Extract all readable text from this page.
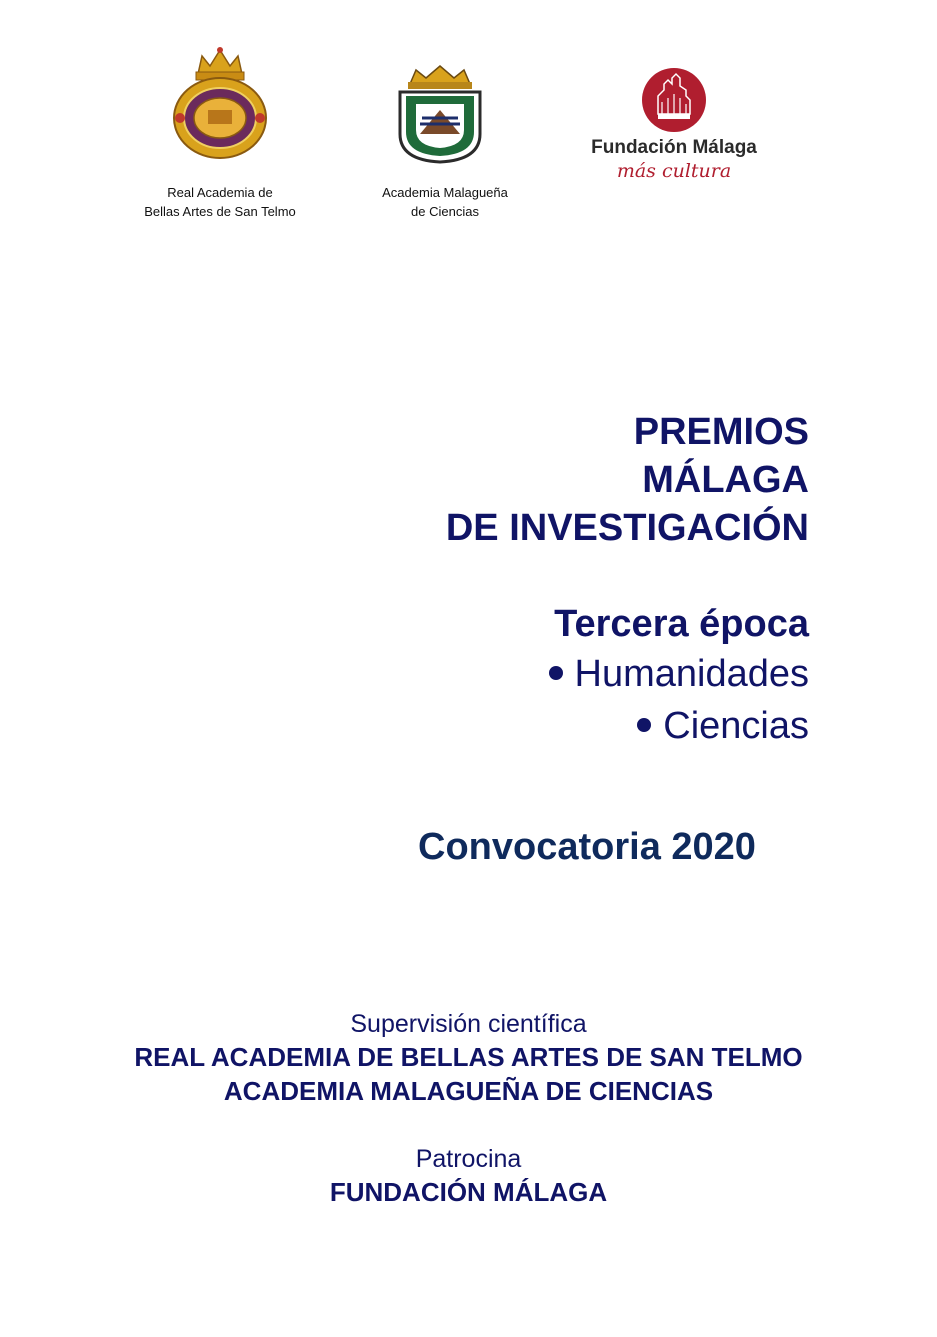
Real Academia de
Bellas Artes de San Telmo
Academia Malagueña
de Ciencias
Fundación Málaga
más cultura
PREMIOS
MÁLAGA
DE INVESTIGACIÓN
Tercera época
Humanidades
Ciencias
Convocatoria 2020
Supervisión científica
REAL ACADEMIA DE BELLAS ARTES DE SAN TELMO
ACADEMIA MALAGUEÑA DE CIENCIAS
Patrocina
FUNDACIÓN MÁLAGA
